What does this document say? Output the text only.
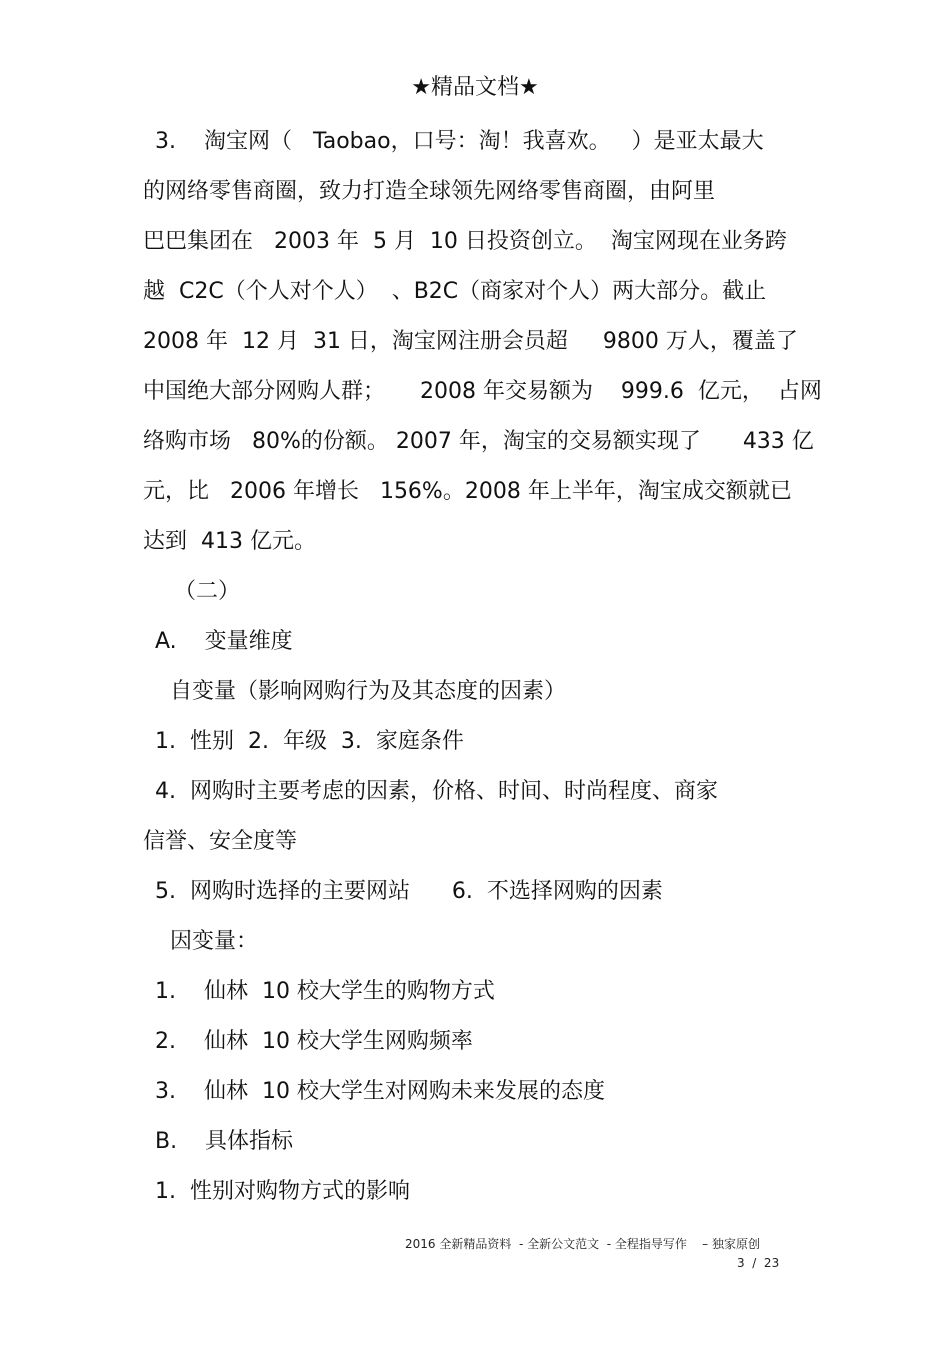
★精品文档★
3.    淘宝网（   Taobao，口号：淘！我喜欢。   ）是亚太最大
的网络零售商圈，致力打造全球领先网络零售商圈，由阿里
巴巴集团在   2003 年  5 月  10 日投资创立。  淘宝网现在业务跨
越  C2C（个人对个人）  、B2C（商家对个人）两大部分。截止
2008 年  12 月  31 日，淘宝网注册会员超     9800 万人，覆盖了
中国绝大部分网购人群；     2008 年交易额为    999.6  亿元，  占网
络购市场   80%的份额。 2007 年，淘宝的交易额实现了      433 亿
元，比   2006 年增长   156%。2008 年上半年，淘宝成交额就已
达到  413 亿元。
（二）
A.    变量维度
自变量（影响网购行为及其态度的因素）
1.  性别  2.  年级  3.  家庭条件
4.  网购时主要考虑的因素，价格、时间、时尚程度、商家
信誉、安全度等
5.  网购时选择的主要网站      6.  不选择网购的因素
因变量：
1.    仙林  10 校大学生的购物方式
2.    仙林  10 校大学生网购频率
3.    仙林  10 校大学生对网购未来发展的态度
B.    具体指标
1.  性别对购物方式的影响
2016 全新精品资料  - 全新公文范文  - 全程指导写作    – 独家原创
3  /  23
